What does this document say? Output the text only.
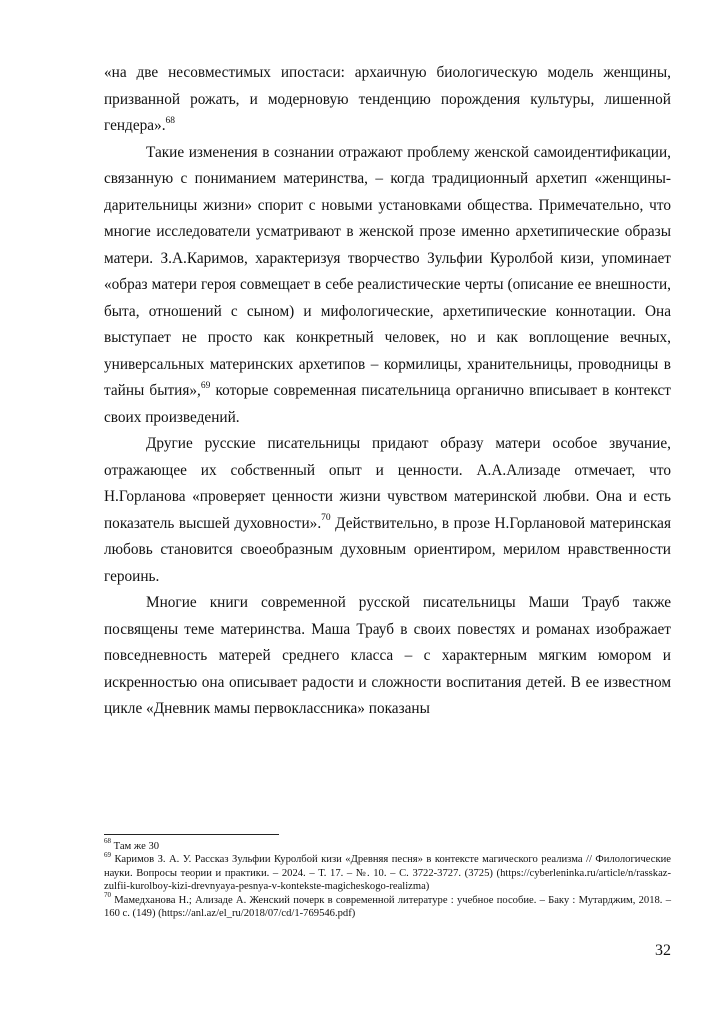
«на две несовместимых ипостаси: архаичную биологическую модель женщины, призванной рожать, и модерновую тенденцию порождения культуры, лишенной гендера».$^{68}$

Такие изменения в сознании отражают проблему женской самоидентификации, связанную с пониманием материнства, – когда традиционный архетип «женщины-дарительницы жизни» спорит с новыми установками общества. Примечательно, что многие исследователи усматривают в женской прозе именно архетипические образы матери. З.А.Каримов, характеризуя творчество Зульфии Куролбой кизи, упоминает «образ матери героя совмещает в себе реалистические черты (описание ее внешности, быта, отношений с сыном) и мифологические, архетипические коннотации. Она выступает не просто как конкретный человек, но и как воплощение вечных, универсальных материнских архетипов – кормилицы, хранительницы, проводницы в тайны бытия»,$^{69}$ которые современная писательница органично вписывает в контекст своих произведений.

Другие русские писательницы придают образу матери особое звучание, отражающее их собственный опыт и ценности. А.А.Ализаде отмечает, что Н.Горланова «проверяет ценности жизни чувством материнской любви. Она и есть показатель высшей духовности».$^{70}$ Действительно, в прозе Н.Горлановой материнская любовь становится своеобразным духовным ориентиром, мерилом нравственности героинь.

Многие книги современной русской писательницы Маши Трауб также посвящены теме материнства. Маша Трауб в своих повестях и романах изображает повседневность матерей среднего класса – с характерным мягким юмором и искренностью она описывает радости и сложности воспитания детей. В ее известном цикле «Дневник мамы первоклассника» показаны

$^{68}$ Там же 30

$^{69}$ Каримов З. А. У. Рассказ Зульфии Куролбой кизи «Древняя песня» в контексте магического реализма // Филологические науки. Вопросы теории и практики. – 2024. – Т. 17. – №. 10. – С. 3722-3727. (3725) (https://cyberleninka.ru/article/n/rasskaz-zulfii-kurolboy-kizi-drevnyaya-pesnya-v-kontekste-magicheskogo-realizma)

$^{70}$ Мамедханова Н.; Ализаде А. Женский почерк в современной литературе : учебное пособие. – Баку : Мутарджим, 2018. – 160 с. (149) (https://anl.az/el_ru/2018/07/cd/1-769546.pdf)

32
